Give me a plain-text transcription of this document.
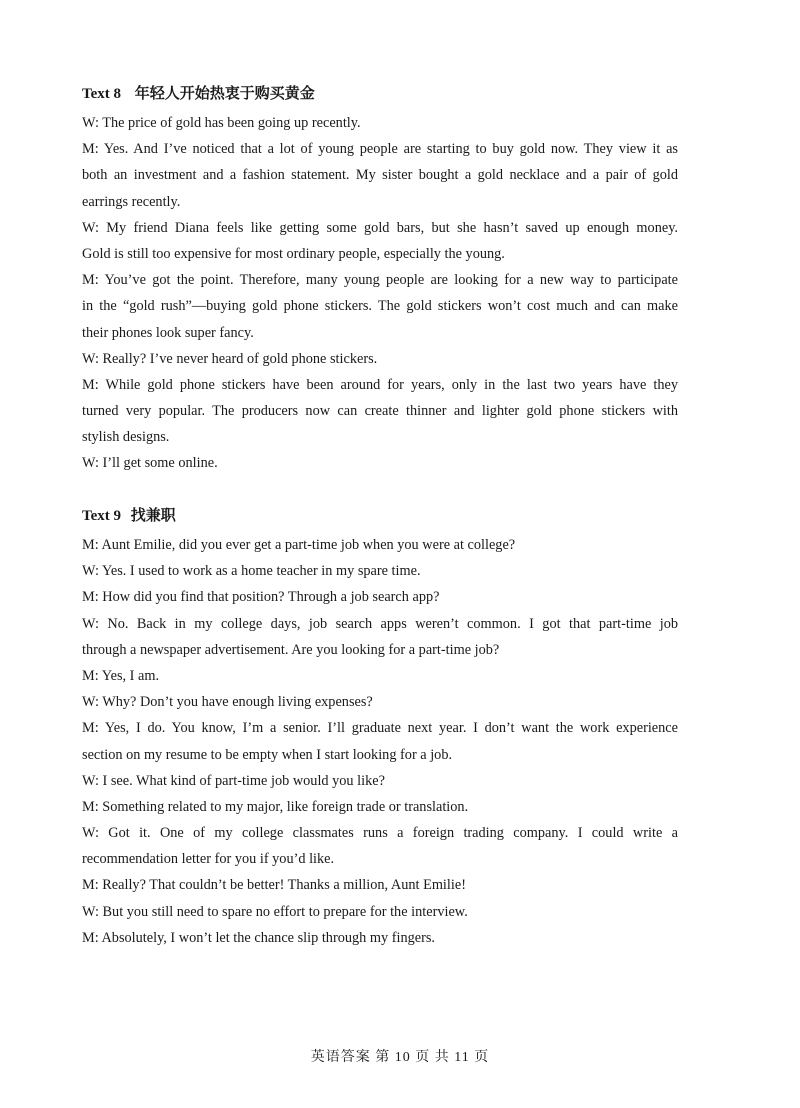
Text 8 年轻人开始热衷于购买黄金
W: The price of gold has been going up recently.
M: Yes. And I’ve noticed that a lot of young people are starting to buy gold now. They view it as
both an investment and a fashion statement. My sister bought a gold necklace and a pair of gold
earrings recently.
W: My friend Diana feels like getting some gold bars, but she hasn’t saved up enough money.
Gold is still too expensive for most ordinary people, especially the young.
M: You’ve got the point. Therefore, many young people are looking for a new way to participate
in the “gold rush”—buying gold phone stickers. The gold stickers won’t cost much and can make
their phones look super fancy.
W: Really? I’ve never heard of gold phone stickers.
M: While gold phone stickers have been around for years, only in the last two years have they
turned very popular. The producers now can create thinner and lighter gold phone stickers with
stylish designs.
W: I’ll get some online.
Text 9 找兼职
M: Aunt Emilie, did you ever get a part-time job when you were at college?
W: Yes. I used to work as a home teacher in my spare time.
M: How did you find that position? Through a job search app?
W: No. Back in my college days, job search apps weren’t common. I got that part-time job
through a newspaper advertisement. Are you looking for a part-time job?
M: Yes, I am.
W: Why? Don’t you have enough living expenses?
M: Yes, I do. You know, I’m a senior. I’ll graduate next year. I don’t want the work experience
section on my resume to be empty when I start looking for a job.
W: I see. What kind of part-time job would you like?
M: Something related to my major, like foreign trade or translation.
W: Got it. One of my college classmates runs a foreign trading company. I could write a
recommendation letter for you if you’d like.
M: Really? That couldn’t be better! Thanks a million, Aunt Emilie!
W: But you still need to spare no effort to prepare for the interview.
M: Absolutely, I won’t let the chance slip through my fingers.
英语答案 第 10 页 共 11 页
